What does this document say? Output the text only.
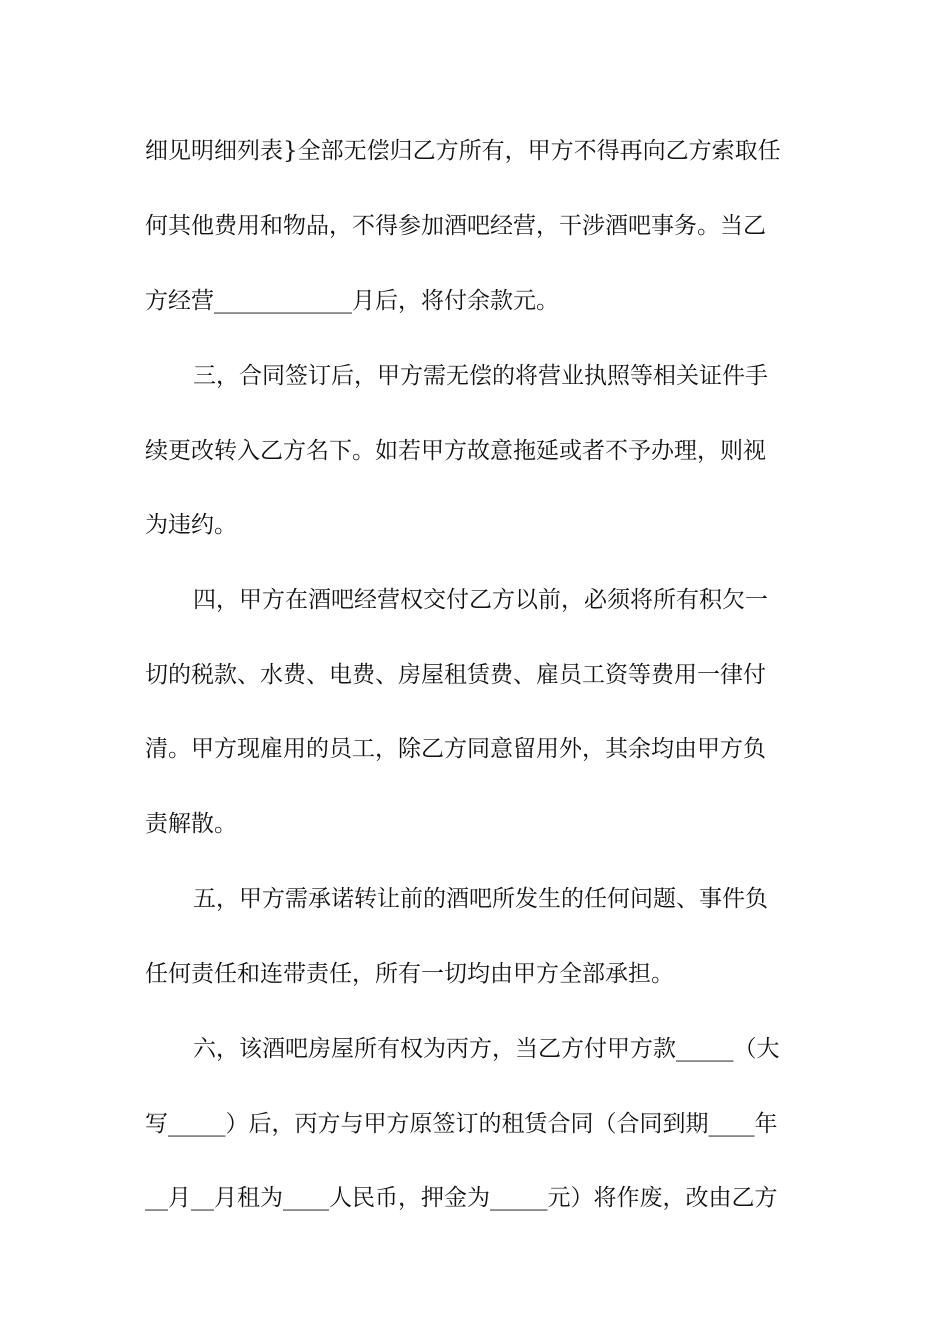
细见明细列表}全部无偿归乙方所有，甲方不得再向乙方索取任
何其他费用和物品，不得参加酒吧经营，干涉酒吧事务。当乙
方经营____________月后，将付余款元。
三，合同签订后，甲方需无偿的将营业执照等相关证件手
续更改转入乙方名下。如若甲方故意拖延或者不予办理，则视
为违约。
四，甲方在酒吧经营权交付乙方以前，必须将所有积欠一
切的税款、水费、电费、房屋租赁费、雇员工资等费用一律付
清。甲方现雇用的员工，除乙方同意留用外，其余均由甲方负
责解散。
五，甲方需承诺转让前的酒吧所发生的任何问题、事件负
任何责任和连带责任，所有一切均由甲方全部承担。
六，该酒吧房屋所有权为丙方，当乙方付甲方款_____（大
写_____）后，丙方与甲方原签订的租赁合同（合同到期____年
__月__月租为____人民币，押金为_____元）将作废，改由乙方
